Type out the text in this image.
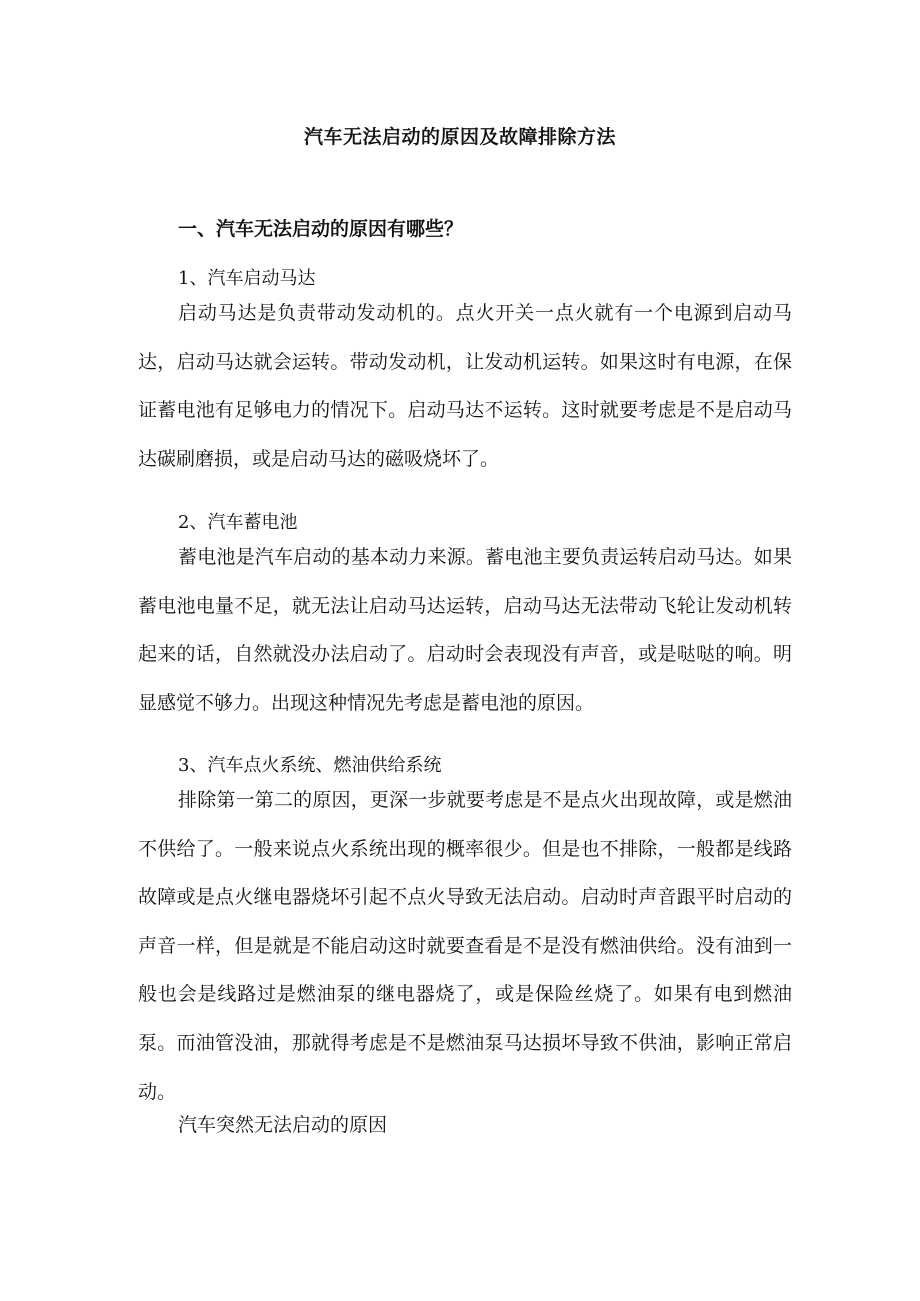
汽车无法启动的原因及故障排除方法
一、汽车无法启动的原因有哪些？
1、汽车启动马达

启动马达是负责带动发动机的。点火开关一点火就有一个电源到启动马达，启动马达就会运转。带动发动机，让发动机运转。如果这时有电源，在保证蓄电池有足够电力的情况下。启动马达不运转。这时就要考虑是不是启动马达碳刷磨损，或是启动马达的磁吸烧坏了。

2、汽车蓄电池

蓄电池是汽车启动的基本动力来源。蓄电池主要负责运转启动马达。如果蓄电池电量不足，就无法让启动马达运转，启动马达无法带动飞轮让发动机转起来的话，自然就没办法启动了。启动时会表现没有声音，或是哒哒的响。明显感觉不够力。出现这种情况先考虑是蓄电池的原因。

3、汽车点火系统、燃油供给系统

排除第一第二的原因，更深一步就要考虑是不是点火出现故障，或是燃油不供给了。一般来说点火系统出现的概率很少。但是也不排除，一般都是线路故障或是点火继电器烧坏引起不点火导致无法启动。启动时声音跟平时启动的声音一样，但是就是不能启动这时就要查看是不是没有燃油供给。没有油到一般也会是线路过是燃油泵的继电器烧了，或是保险丝烧了。如果有电到燃油泵。而油管没油，那就得考虑是不是燃油泵马达损坏导致不供油，影响正常启动。

汽车突然无法启动的原因
